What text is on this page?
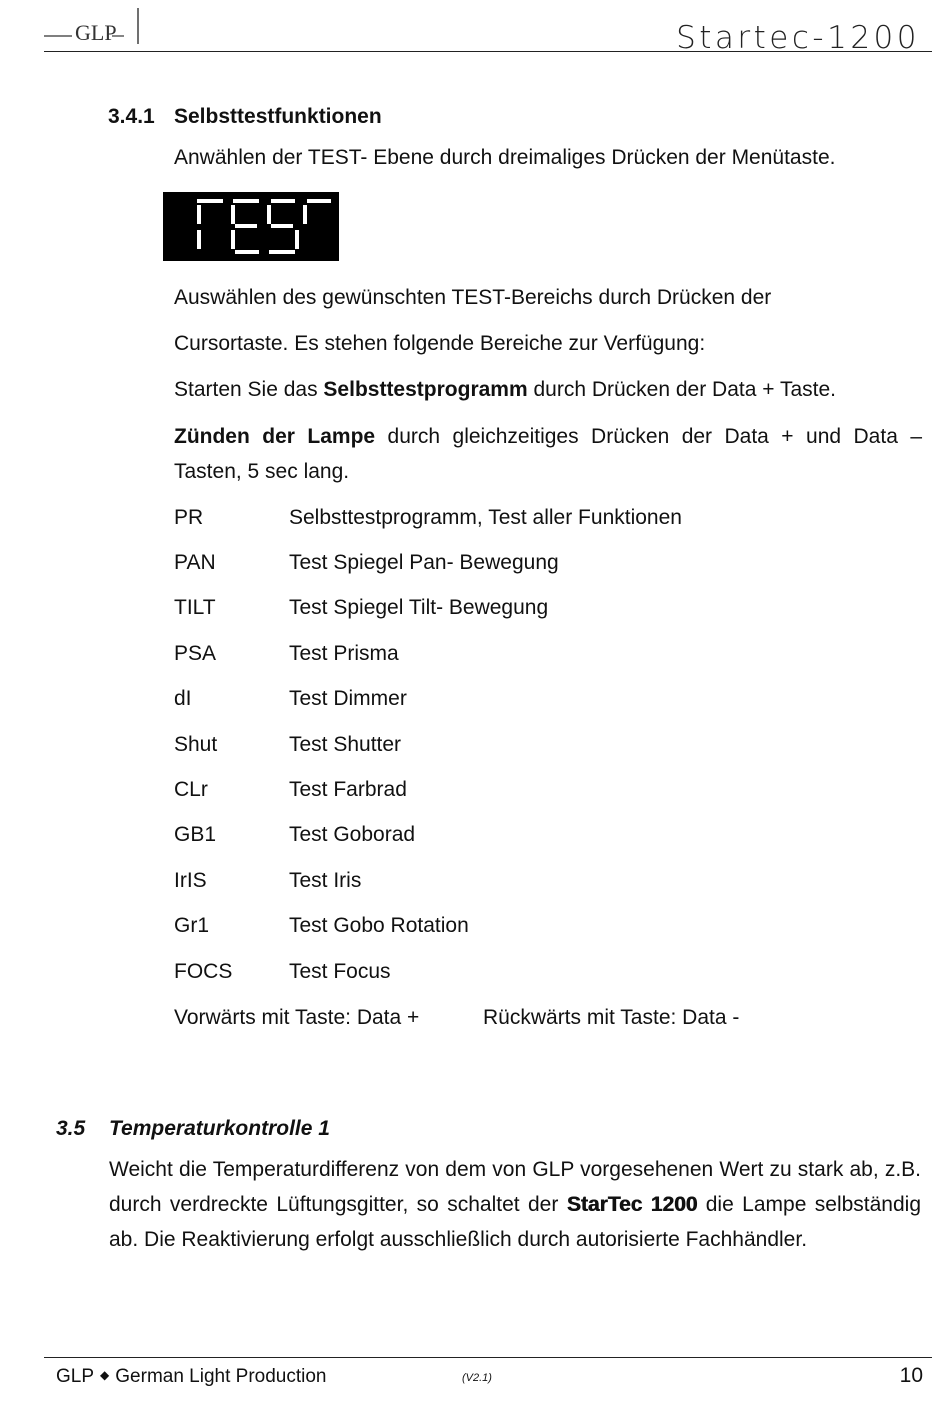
GLP	Startec-1200
3.4.1 Selbsttestfunktionen
Anwählen der TEST- Ebene durch dreimaliges Drücken der Menütaste.
Auswählen des gewünschten TEST-Bereichs durch Drücken der
Cursortaste. Es stehen folgende Bereiche zur Verfügung:
Starten Sie das Selbsttestprogramm durch Drücken der Data + Taste.
Zünden der Lampe durch gleichzeitiges Drücken der Data + und Data – Tasten, 5 sec lang.
PR	Selbsttestprogramm, Test aller Funktionen
PAN	Test Spiegel Pan- Bewegung
TILT	Test Spiegel Tilt- Bewegung
PSA	Test Prisma
dI	Test Dimmer
Shut	Test Shutter
CLr	Test Farbrad
GB1	Test Goborad
IrIS	Test Iris
Gr1	Test Gobo Rotation
FOCS	Test Focus
Vorwärts mit Taste: Data +	Rückwärts mit Taste: Data -
3.5 Temperaturkontrolle 1
Weicht die Temperaturdifferenz von dem von GLP vorgesehenen Wert zu stark ab, z.B. durch verdreckte Lüftungsgitter, so schaltet der StarTec 1200 die Lampe selbständig ab. Die Reaktivierung erfolgt ausschließlich durch autorisierte Fachhändler.
GLP ◆ German Light Production	(V2.1)	10
